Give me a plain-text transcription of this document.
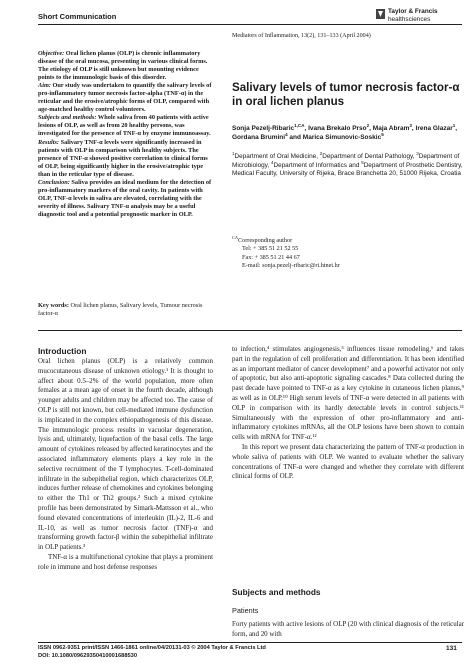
Short Communication
Taylor & Francis
healthsciences
Mediators of Inflammation, 13(2), 131–133 (April 2004)

Objective: Oral lichen planus (OLP) is chronic inflammatory disease of the oral mucosa, presenting in various clinical forms. The etiology of OLP is still unknown but mounting evidence points to the immunologic basis of this disorder.

Aim: Our study was undertaken to quantify the salivary levels of pro-inflammatory tumor necrosis factor-alpha (TNF-α) in the reticular and the erosive/atrophic forms of OLP, compared with age-matched healthy control volunteers.

Subjects and methods: Whole saliva from 40 patients with active lesions of OLP, as well as from 20 healthy persons, was investigated for the presence of TNF-α by enzyme immunoassay.

Results: Salivary TNF-α levels were significantly increased in patients with OLP in comparison with healthy subjects. The presence of TNF-α showed positive correlation to clinical forms of OLP, being significantly higher in the erosive/atrophic type than in the reticular type of disease.

Conclusion: Saliva provides an ideal medium for the detection of pro-inflammatory markers of the oral cavity. In patients with OLP, TNF-α levels in saliva are elevated, correlating with the severity of illness. Salivary TNF-α analysis may be a useful diagnostic tool and a potential prognostic marker in OLP.

Key words: Oral lichen planus, Salivary levels, Tumour necrosis factor-α
Salivary levels of tumor necrosis factor-α in oral lichen planus
Sonja Pezelj-Ribaric$^{1,CA}$, Ivana Brekalo Prso$^2$, Maja Abram$^3$, Irena Glazar$^1$, Gordana Brumini$^4$ and Marica Simunovic-Soskic$^5$
$^1$Department of Oral Medicine, $^2$Department of Dental Pathology, $^3$Department of Microbiology, $^4$Department of Informatics and $^5$Department of Prosthetic Dentistry, Medical Faculty, University of Rijeka, Brace Branchetta 20, 51000 Rijeka, Croatia
$^{CA}$Corresponding author
Tel: + 385 51 21 52 55
Fax: + 385 51 21 44 67
E-mail: sonja.pezelj-ribaric@ri.htnet.hr
Introduction

Oral lichen planus (OLP) is a relatively common mucocutaneous disease of unknown etiology.¹ It is thought to affect about 0.5–2% of the world population, more often females at a mean age of onset in the fourth decade, although younger adults and children may be affected too. The cause of OLP is still not known, but cell-mediated immune dysfunction is implicated in the complex ethiopathogenesis of this disease. The immunologic process results in vacuolar degeneration, lysis and, ultimately, liquefaction of the basal cells. The large amount of cytokines released by affected keratinocytes and the associated inflammatory elements plays a key role in the selective recruitment of the T lymphocytes. T-cell-dominated infiltrate in the subepithelial region, which characterizes OLP, induces further release of chemokines and cytokines belonging to either the Th1 or Th2 groups.² Such a mixed cytokine profile has been demonstrated by Simark-Mattsson et al., who found elevated concentrations of interleukin (IL)-2, IL-6 and IL-10, as well as tumor necrosis factor (TNF)-α and transforming growth factor-β within the subepithelial infiltrate in OLP patients.³

TNF-α is a multifunctional cytokine that plays a prominent role in immune and host defense responses

to infection,⁴ stimulates angiogenesis,⁵ influences tissue remodeling,⁶ and takes part in the regulation of cell proliferation and differentiation. It has been identified as an important mediator of cancer development⁷ and a powerful activator not only of apoptotic, but also anti-apoptotic signaling cascades.⁸ Data collected during the past decade have pointed to TNF-α as a key cytokine in cutaneous lichen planus,⁹ as well as in OLP.¹⁰ High serum levels of TNF-α were detected in all patients with OLP in comparison with its hardly detectable levels in control subjects.¹¹ Simultaneously with the expression of other pro-inflammatory and anti-inflammatory cytokines mRNAs, all the OLP lesions have been shown to contain cells with mRNA for TNF-α.¹²

In this report we present data characterizing the pattern of TNF-α production in whole saliva of patients with OLP. We wanted to evaluate whether the salivary concentrations of TNF-α were changed and whether they correlate with different clinical forms of OLP.

Subjects and methods
Patients

Forty patients with active lesions of OLP (20 with clinical diagnosis of the reticular form, and 20 with

ISSN 0962-9351 print/ISSN 1466-1861 online/04/20131-03 © 2004 Taylor & Francis Ltd
DOI: 10.1080/09629350410001688530
131
